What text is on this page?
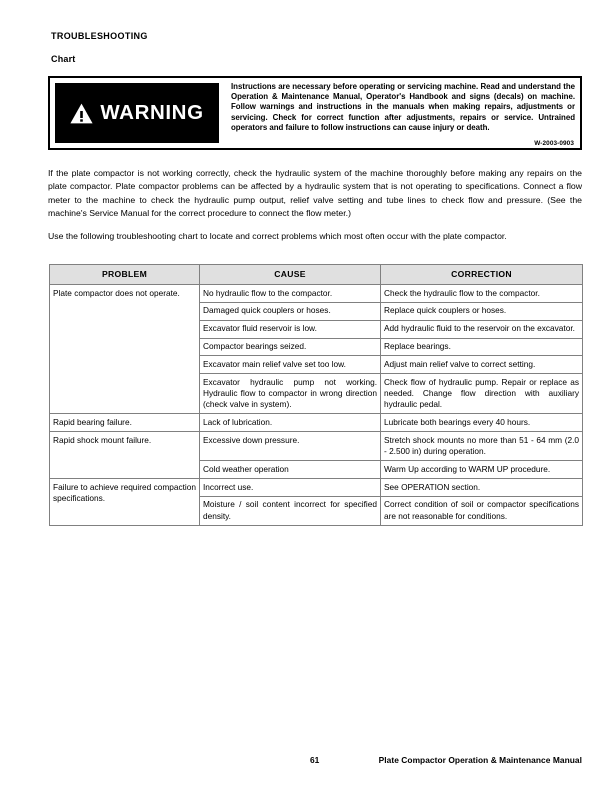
TROUBLESHOOTING
Chart
WARNING
Instructions are necessary before operating or servicing machine. Read and understand the Operation & Maintenance Manual, Operator's Handbook and signs (decals) on machine. Follow warnings and instructions in the manuals when making repairs, adjustments or servicing. Check for correct function after adjustments, repairs or service. Untrained operators and failure to follow instructions can cause injury or death.
W-2003-0903
If the plate compactor is not working correctly, check the hydraulic system of the machine thoroughly before making any repairs on the plate compactor. Plate compactor problems can be affected by a hydraulic system that is not operating to specifications. Connect a flow meter to the machine to check the hydraulic pump output, relief valve setting and tube lines to check flow and pressure. (See the machine's Service Manual for the correct procedure to connect the flow meter.)
Use the following troubleshooting chart to locate and correct problems which most often occur with the plate compactor.
PROBLEM	CAUSE	CORRECTION
Plate compactor does not operate.	No hydraulic flow to the compactor.	Check the hydraulic flow to the compactor.
	Damaged quick couplers or hoses.	Replace quick couplers or hoses.
	Excavator fluid reservoir is low.	Add hydraulic fluid to the reservoir on the excavator.
	Compactor bearings seized.	Replace bearings.
	Excavator main relief valve set too low.	Adjust main relief valve to correct setting.
	Excavator hydraulic pump not working. Hydraulic flow to compactor in wrong direction (check valve in system).	Check flow of hydraulic pump. Repair or replace as needed. Change flow direction with auxiliary hydraulic pedal.
Rapid bearing failure.	Lack of lubrication.	Lubricate both bearings every 40 hours.
Rapid shock mount failure.	Excessive down pressure.	Stretch shock mounts no more than 51 - 64 mm (2.0 - 2.500 in) during operation.
	Cold weather operation	Warm Up according to WARM UP procedure.
Failure to achieve required compaction specifications.	Incorrect use.	See OPERATION section.
	Moisture / soil content incorrect for specified density.	Correct condition of soil or compactor specifications are not reasonable for conditions.
61	Plate Compactor Operation & Maintenance Manual
